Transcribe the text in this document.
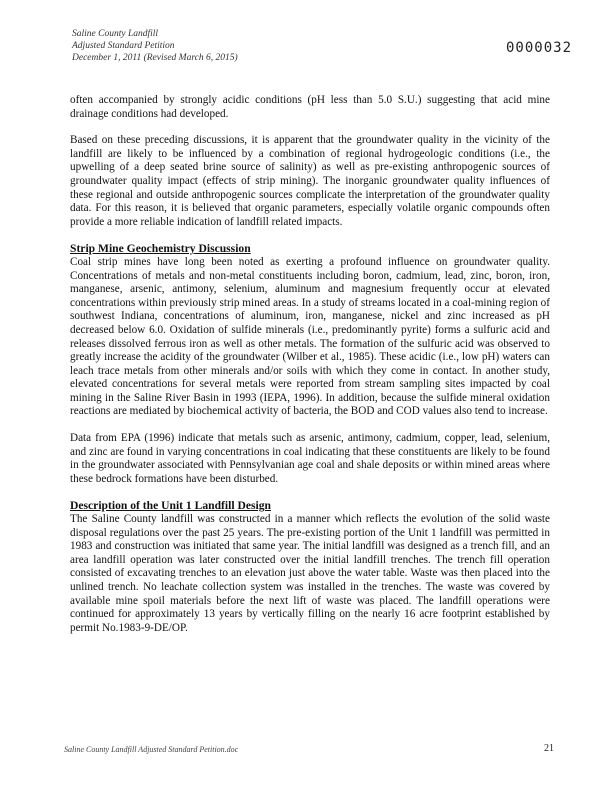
Saline County Landfill
Adjusted Standard Petition
December 1, 2011 (Revised March 6, 2015)
0000032

often accompanied by strongly acidic conditions (pH less than 5.0 S.U.) suggesting that acid mine drainage conditions had developed.

Based on these preceding discussions, it is apparent that the groundwater quality in the vicinity of the landfill are likely to be influenced by a combination of regional hydrogeologic conditions (i.e., the upwelling of a deep seated brine source of salinity) as well as pre-existing anthropogenic sources of groundwater quality impact (effects of strip mining). The inorganic groundwater quality influences of these regional and outside anthropogenic sources complicate the interpretation of the groundwater quality data. For this reason, it is believed that organic parameters, especially volatile organic compounds often provide a more reliable indication of landfill related impacts.

Strip Mine Geochemistry Discussion

Coal strip mines have long been noted as exerting a profound influence on groundwater quality. Concentrations of metals and non-metal constituents including boron, cadmium, lead, zinc, boron, iron, manganese, arsenic, antimony, selenium, aluminum and magnesium frequently occur at elevated concentrations within previously strip mined areas. In a study of streams located in a coal-mining region of southwest Indiana, concentrations of aluminum, iron, manganese, nickel and zinc increased as pH decreased below 6.0. Oxidation of sulfide minerals (i.e., predominantly pyrite) forms a sulfuric acid and releases dissolved ferrous iron as well as other metals. The formation of the sulfuric acid was observed to greatly increase the acidity of the groundwater (Wilber et al., 1985). These acidic (i.e., low pH) waters can leach trace metals from other minerals and/or soils with which they come in contact. In another study, elevated concentrations for several metals were reported from stream sampling sites impacted by coal mining in the Saline River Basin in 1993 (IEPA, 1996). In addition, because the sulfide mineral oxidation reactions are mediated by biochemical activity of bacteria, the BOD and COD values also tend to increase.

Data from EPA (1996) indicate that metals such as arsenic, antimony, cadmium, copper, lead, selenium, and zinc are found in varying concentrations in coal indicating that these constituents are likely to be found in the groundwater associated with Pennsylvanian age coal and shale deposits or within mined areas where these bedrock formations have been disturbed.

Description of the Unit 1 Landfill Design

The Saline County landfill was constructed in a manner which reflects the evolution of the solid waste disposal regulations over the past 25 years. The pre-existing portion of the Unit 1 landfill was permitted in 1983 and construction was initiated that same year. The initial landfill was designed as a trench fill, and an area landfill operation was later constructed over the initial landfill trenches. The trench fill operation consisted of excavating trenches to an elevation just above the water table. Waste was then placed into the unlined trench. No leachate collection system was installed in the trenches. The waste was covered by available mine spoil materials before the next lift of waste was placed. The landfill operations were continued for approximately 13 years by vertically filling on the nearly 16 acre footprint established by permit No.1983-9-DE/OP.

Saline County Landfill Adjusted Standard Petition.doc	21
